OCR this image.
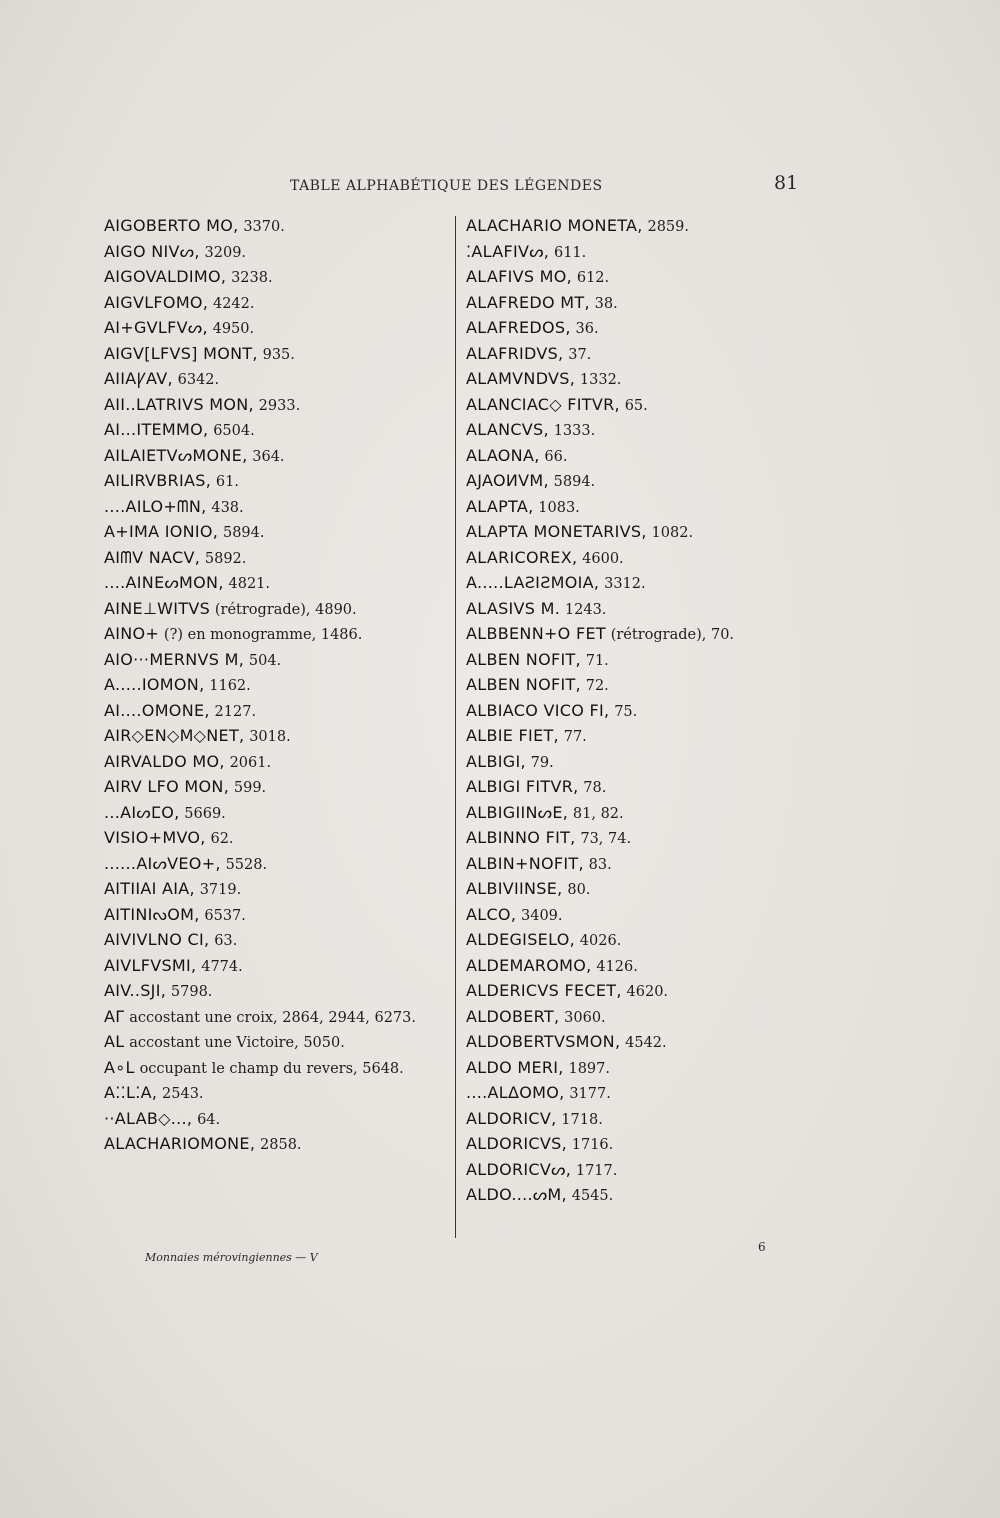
TABLE ALPHABÉTIQUE DES LÉGENDES	81
AIGOBERTO MO, 3370.
AIGO NIVᔕ, 3209.
AIGOVALDIMO, 3238.
AIGVLFOMO, 4242.
AI+GVLFVᔕ, 4950.
AIGV[LFVS] MONT, 935.
AIIAꝨAV, 6342.
AII..LATRIVS MON, 2933.
AI...ITEMMO, 6504.
AILAIETVᔕMONE, 364.
AILIRVBRIAS, 61.
....AILO+ᗰN, 438.
A+IMA IONIO, 5894.
AIᗰV NACV, 5892.
....AINEᔕMON, 4821.
AINE⊥WITVS (rétrograde), 4890.
AINO+ (?) en monogramme, 1486.
AIO···MERNVS M, 504.
A.....IOMON, 1162.
AI....OMONE, 2127.
AIR◇EN◇M◇NET, 3018.
AIRVALDO MO, 2061.
AIRV LFO MON, 599.
...AIᔕⵎO, 5669.
VISIO+MVO, 62.
......AIᔕVEO+, 5528.
AITIIAI AIA, 3719.
AITINIᔓOM, 6537.
AIVIVLNO CI, 63.
AIVLFVSMI, 4774.
AIV..SJI, 5798.
AΓ accostant une croix, 2864, 2944, 6273.
AL accostant une Victoire, 5050.
A∘L occupant le champ du revers, 5648.
A⁚⁚L⁚A, 2543.
··ALAB◇..., 64.
ALACHARIOMONE, 2858.
ALACHARIO MONETA, 2859.
⁚ALAFIVᔕ, 611.
ALAFIVS MO, 612.
ALAFREDO MT, 38.
ALAFREDOS, 36.
ALAFRIDVS, 37.
ALAMVNDVS, 1332.
ALANCIAC◇ FITVR, 65.
ALANCVS, 1333.
ALAONA, 66.
AJAOИVM, 5894.
ALAPTA, 1083.
ALAPTA MONETARIVS, 1082.
ALARICOREX, 4600.
A.....LAƧIƧMOIA, 3312.
ALASIVS M. 1243.
ALBBENN+O FET (rétrograde), 70.
ALBEN NOFIT, 71.
ALBEN NOFIT, 72.
ALBIACO VICO FI, 75.
ALBIE FIET, 77.
ALBIGI, 79.
ALBIGI FITVR, 78.
ALBIGIINᔕE, 81, 82.
ALBINNO FIT, 73, 74.
ALBIN+NOFIT, 83.
ALBIVIINSE, 80.
ALCO, 3409.
ALDEGISELO, 4026.
ALDEMAROMO, 4126.
ALDERICVS FECET, 4620.
ALDOBERT, 3060.
ALDOBERTVSMON, 4542.
ALDO MERI, 1897.
....ALΔOMO, 3177.
ALDORICV, 1718.
ALDORICVS, 1716.
ALDORICVᔕ, 1717.
ALDO....ᔕM, 4545.
Monnaies mérovingiennes — V
6
